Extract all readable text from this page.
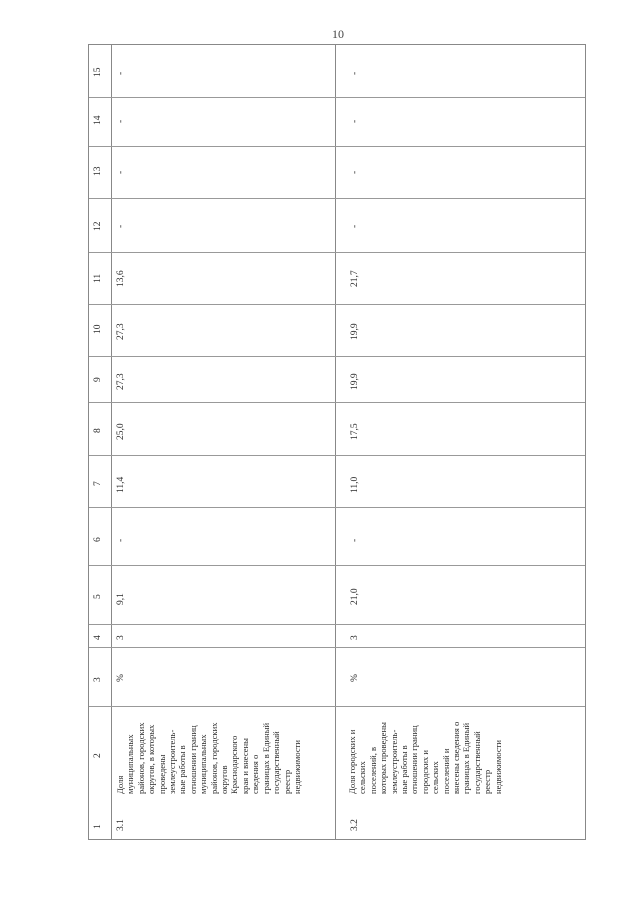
10
15
14
13
12
11
10
9
8
7
6
5
4
3
2
1
-
-
-
-
13,6
27,3
27,3
25,0
11,4
-
9,1
3
%
Доля муниципальных районов, городских округов, в которых проведены землеустроитель- ные работы в отношении границ муниципальных районов, городских округов Краснодарского края и внесены сведения о границах в Единый государственный реестр недвижимости
3.1
-
-
-
-
21,7
19,9
19,9
17,5
11,0
-
21,0
3
%
Доля городских и сельских поселений, в которых проведены землеустроитель- ные работы в отношении границ городских и сельских поселений и внесены сведения о границах в Единый государственный реестр недвижимости
3.2
